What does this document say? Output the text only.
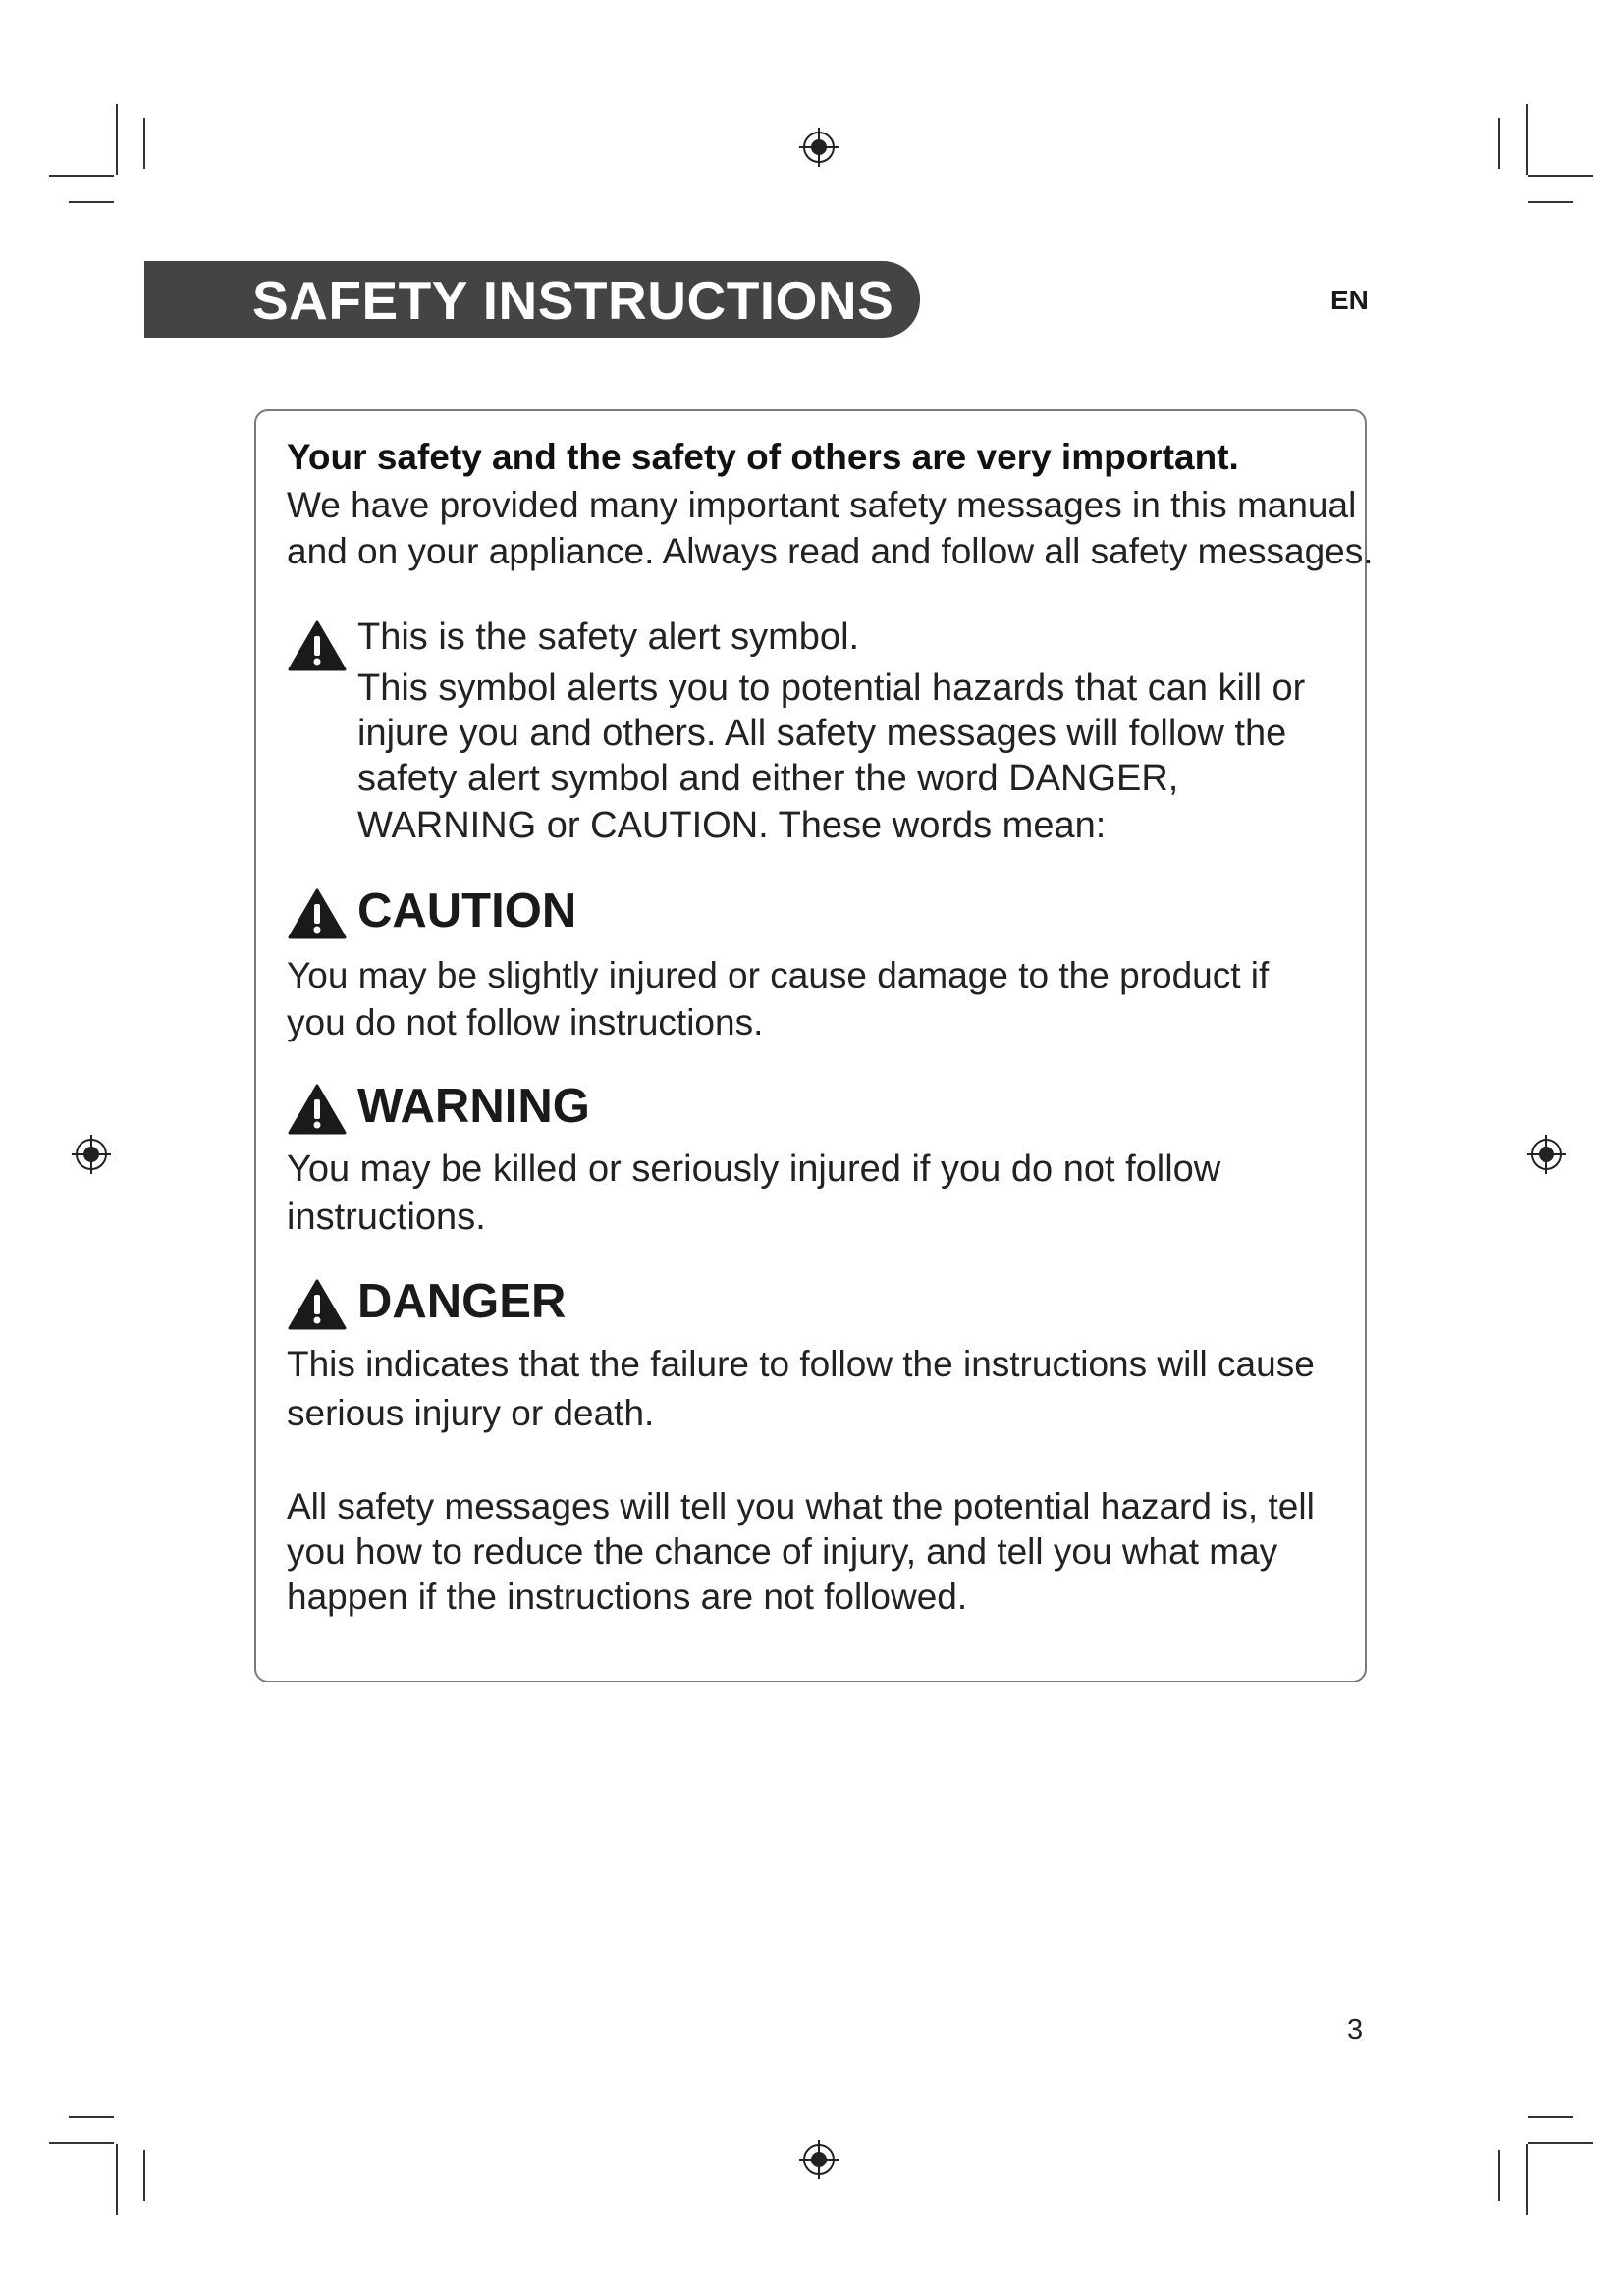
SAFETY INSTRUCTIONS	EN
Your safety and the safety of others are very important.
We have provided many important safety messages in this manual
and on your appliance. Always read and follow all safety messages.
This is the safety alert symbol.
This symbol alerts you to potential hazards that can kill or
injure you and others. All safety messages will follow the
safety alert symbol and either the word DANGER,
WARNING or CAUTION. These words mean:
CAUTION
You may be slightly injured or cause damage to the product if
you do not follow instructions.
WARNING
You may be killed or seriously injured if you do not follow
instructions.
DANGER
This indicates that the failure to follow the instructions will cause
serious injury or death.
All safety messages will tell you what the potential hazard is, tell
you how to reduce the chance of injury, and tell you what may
happen if the instructions are not followed.
3
